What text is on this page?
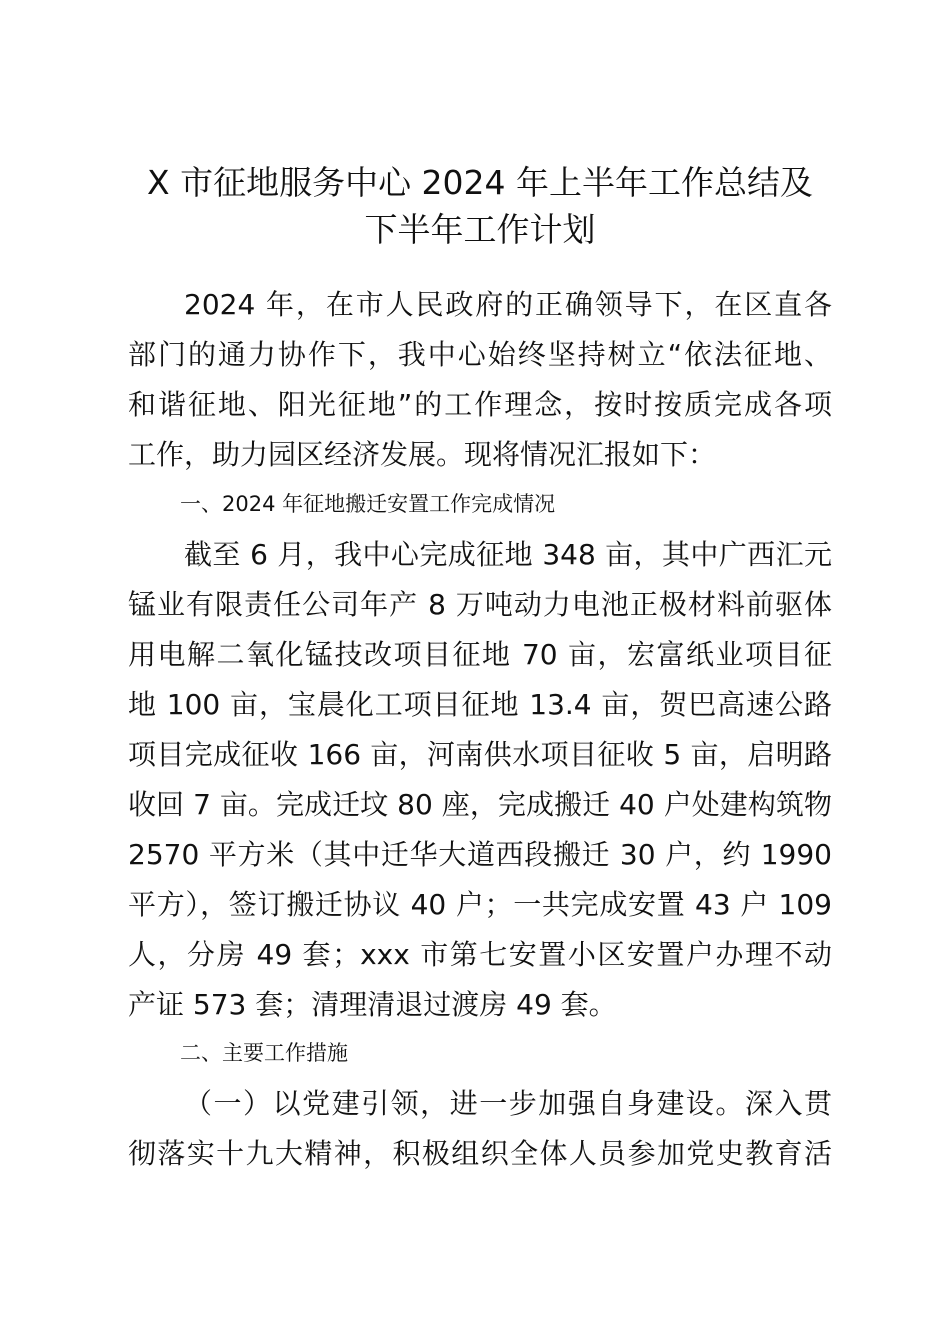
X 市征地服务中心 2024 年上半年工作总结及
下半年工作计划

2024 年，在市人民政府的正确领导下，在区直各

部门的通力协作下，我中心始终坚持树立“依法征地、

和谐征地、阳光征地”的工作理念，按时按质完成各项

工作，助力园区经济发展。现将情况汇报如下：

一、2024 年征地搬迁安置工作完成情况

截至 6 月，我中心完成征地 348 亩，其中广西汇元

锰业有限责任公司年产 8 万吨动力电池正极材料前驱体

用电解二氧化锰技改项目征地 70 亩，宏富纸业项目征

地 100 亩，宝晨化工项目征地 13.4 亩，贺巴高速公路

项目完成征收 166 亩，河南供水项目征收 5 亩，启明路

收回 7 亩。完成迁坟 80 座，完成搬迁 40 户处建构筑物

2570 平方米（其中迁华大道西段搬迁 30 户，约 1990

平方），签订搬迁协议 40 户；一共完成安置 43 户 109

人，分房 49 套；xxx 市第七安置小区安置户办理不动

产证 573 套；清理清退过渡房 49 套。

二、主要工作措施

（一）以党建引领，进一步加强自身建设。深入贯

彻落实十九大精神，积极组织全体人员参加党史教育活
